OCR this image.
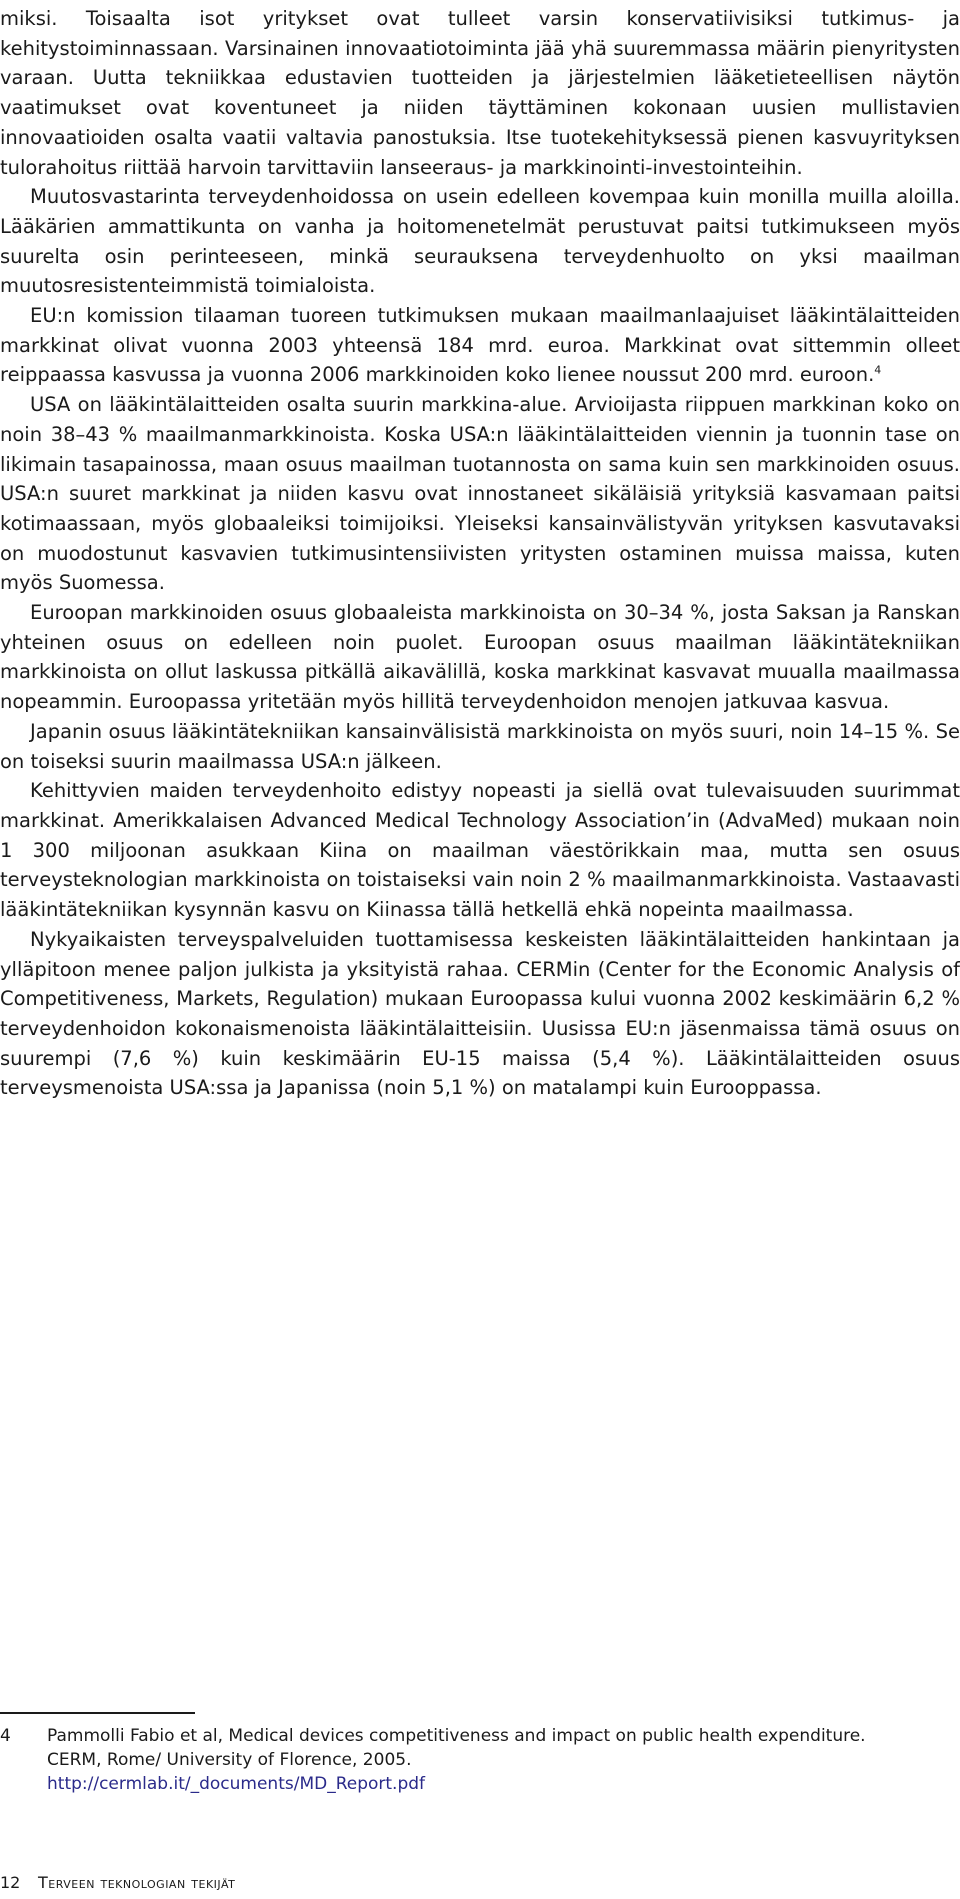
miksi. Toisaalta isot yritykset ovat tulleet varsin konservatiivisiksi tutkimus- ja kehitystoiminnassaan. Varsinainen innovaatiotoiminta jää yhä suuremmassa määrin pienyritysten varaan. Uutta tekniikkaa edustavien tuotteiden ja järjestelmien lääketieteellisen näytön vaatimukset ovat koventuneet ja niiden täyttäminen kokonaan uusien mullistavien innovaatioiden osalta vaatii valtavia panostuksia. Itse tuotekehityksessä pienen kasvuyrityksen tulorahoitus riittää harvoin tarvittaviin lanseeraus- ja markkinointi-investointeihin.

Muutosvastarinta terveydenhoidossa on usein edelleen kovempaa kuin monilla muilla aloilla. Lääkärien ammattikunta on vanha ja hoitomenetelmät perustuvat paitsi tutkimukseen myös suurelta osin perinteeseen, minkä seurauksena terveydenhuolto on yksi maailman muutosresistenteimmistä toimialoista.

EU:n komission tilaaman tuoreen tutkimuksen mukaan maailmanlaajuiset lääkintälaitteiden markkinat olivat vuonna 2003 yhteensä 184 mrd. euroa. Markkinat ovat sittemmin olleet reippaassa kasvussa ja vuonna 2006 markkinoiden koko lienee noussut 200 mrd. euroon.$^4$

USA on lääkintälaitteiden osalta suurin markkina-alue. Arvioijasta riippuen markkinan koko on noin 38–43 % maailmanmarkkinoista. Koska USA:n lääkintälaitteiden viennin ja tuonnin tase on likimain tasapainossa, maan osuus maailman tuotannosta on sama kuin sen markkinoiden osuus. USA:n suuret markkinat ja niiden kasvu ovat innostaneet sikäläisiä yrityksiä kasvamaan paitsi kotimaassaan, myös globaaleiksi toimijoiksi. Yleiseksi kansainvälistyvän yrityksen kasvutavaksi on muodostunut kasvavien tutkimusintensiivisten yritysten ostaminen muissa maissa, kuten myös Suomessa.

Euroopan markkinoiden osuus globaaleista markkinoista on 30–34 %, josta Saksan ja Ranskan yhteinen osuus on edelleen noin puolet. Euroopan osuus maailman lääkintätekniikan markkinoista on ollut laskussa pitkällä aikavälillä, koska markkinat kasvavat muualla maailmassa nopeammin. Euroopassa yritetään myös hillitä terveydenhoidon menojen jatkuvaa kasvua.

Japanin osuus lääkintätekniikan kansainvälisistä markkinoista on myös suuri, noin 14–15 %. Se on toiseksi suurin maailmassa USA:n jälkeen.

Kehittyvien maiden terveydenhoito edistyy nopeasti ja siellä ovat tulevaisuuden suurimmat markkinat. Amerikkalaisen Advanced Medical Technology Association’in (AdvaMed) mukaan noin 1 300 miljoonan asukkaan Kiina on maailman väestörikkain maa, mutta sen osuus terveysteknologian markkinoista on toistaiseksi vain noin 2 % maailmanmarkkinoista. Vastaavasti lääkintätekniikan kysynnän kasvu on Kiinassa tällä hetkellä ehkä nopeinta maailmassa.

Nykyaikaisten terveyspalveluiden tuottamisessa keskeisten lääkintälaitteiden hankintaan ja ylläpitoon menee paljon julkista ja yksityistä rahaa. CERMin (Center for the Economic Analysis of Competitiveness, Markets, Regulation) mukaan Euroopassa kului vuonna 2002 keskimäärin 6,2 % terveydenhoidon kokonaismenoista lääkintälaitteisiin. Uusissa EU:n jäsenmaissa tämä osuus on suurempi (7,6 %) kuin keskimäärin EU-15 maissa (5,4 %). Lääkintälaitteiden osuus terveysmenoista USA:ssa ja Japanissa (noin 5,1 %) on matalampi kuin Eurooppassa.

4 Pammolli Fabio et al, Medical devices competitiveness and impact on public health expenditure. CERM, Rome/ University of Florence, 2005.
http://cermlab.it/_documents/MD_Report.pdf
12 Terveen teknologian tekijät
